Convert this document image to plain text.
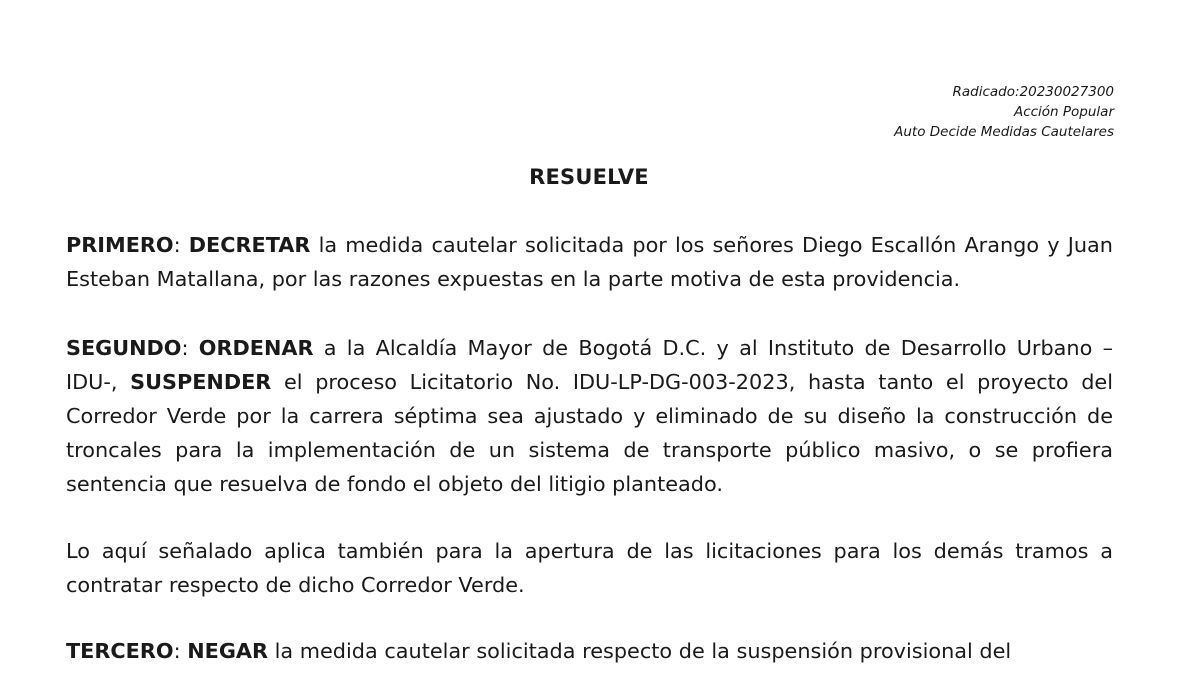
Radicado:20230027300
Acción Popular
Auto Decide Medidas Cautelares
RESUELVE

PRIMERO: DECRETAR la medida cautelar solicitada por los señores Diego Escallón Arango y Juan Esteban Matallana, por las razones expuestas en la parte motiva de esta providencia.

SEGUNDO: ORDENAR a la Alcaldía Mayor de Bogotá D.C. y al Instituto de Desarrollo Urbano – IDU-, SUSPENDER el proceso Licitatorio No. IDU-LP-DG-003-2023, hasta tanto el proyecto del Corredor Verde por la carrera séptima sea ajustado y eliminado de su diseño la construcción de troncales para la implementación de un sistema de transporte público masivo, o se profiera sentencia que resuelva de fondo el objeto del litigio planteado.

Lo aquí señalado aplica también para la apertura de las licitaciones para los demás tramos a contratar respecto de dicho Corredor Verde.

TERCERO: NEGAR la medida cautelar solicitada respecto de la suspensión provisional del
